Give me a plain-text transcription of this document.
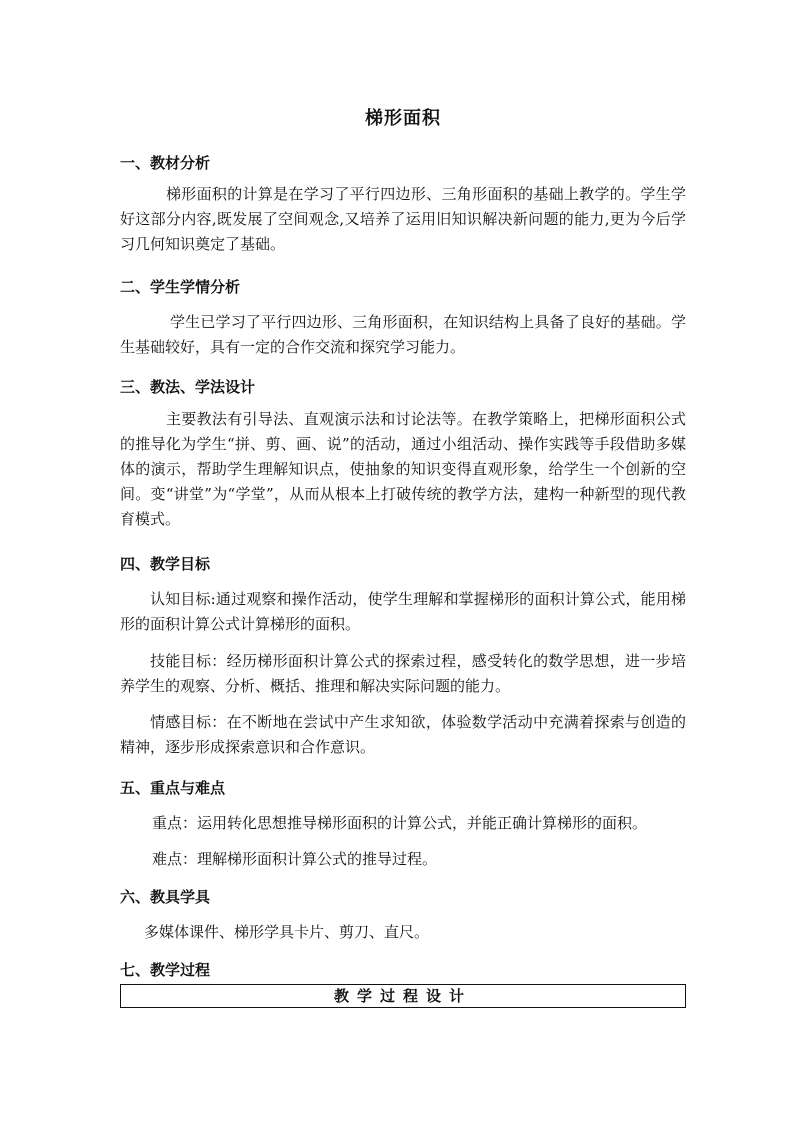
梯形面积
一、教材分析

梯形面积的计算是在学习了平行四边形、三角形面积的基础上教学的。学生学好这部分内容,既发展了空间观念,又培养了运用旧知识解决新问题的能力,更为今后学习几何知识奠定了基础。

二、学生学情分析

学生已学习了平行四边形、三角形面积，在知识结构上具备了良好的基础。学生基础较好，具有一定的合作交流和探究学习能力。

三、教法、学法设计

主要教法有引导法、直观演示法和讨论法等。在教学策略上，把梯形面积公式的推导化为学生“拼、剪、画、说”的活动，通过小组活动、操作实践等手段借助多媒体的演示，帮助学生理解知识点，使抽象的知识变得直观形象，给学生一个创新的空间。变“讲堂”为“学堂”，从而从根本上打破传统的教学方法，建构一种新型的现代教育模式。

四、教学目标

认知目标:通过观察和操作活动，使学生理解和掌握梯形的面积计算公式，能用梯形的面积计算公式计算梯形的面积。

技能目标：经历梯形面积计算公式的探索过程，感受转化的数学思想，进一步培养学生的观察、分析、概括、推理和解决实际问题的能力。

情感目标：在不断地在尝试中产生求知欲，体验数学活动中充满着探索与创造的精神，逐步形成探索意识和合作意识。

五、重点与难点
重点：运用转化思想推导梯形面积的计算公式，并能正确计算梯形的面积。
难点：理解梯形面积计算公式的推导过程。
六、教具学具
多媒体课件、梯形学具卡片、剪刀、直尺。
七、教学过程
教学过程设计
